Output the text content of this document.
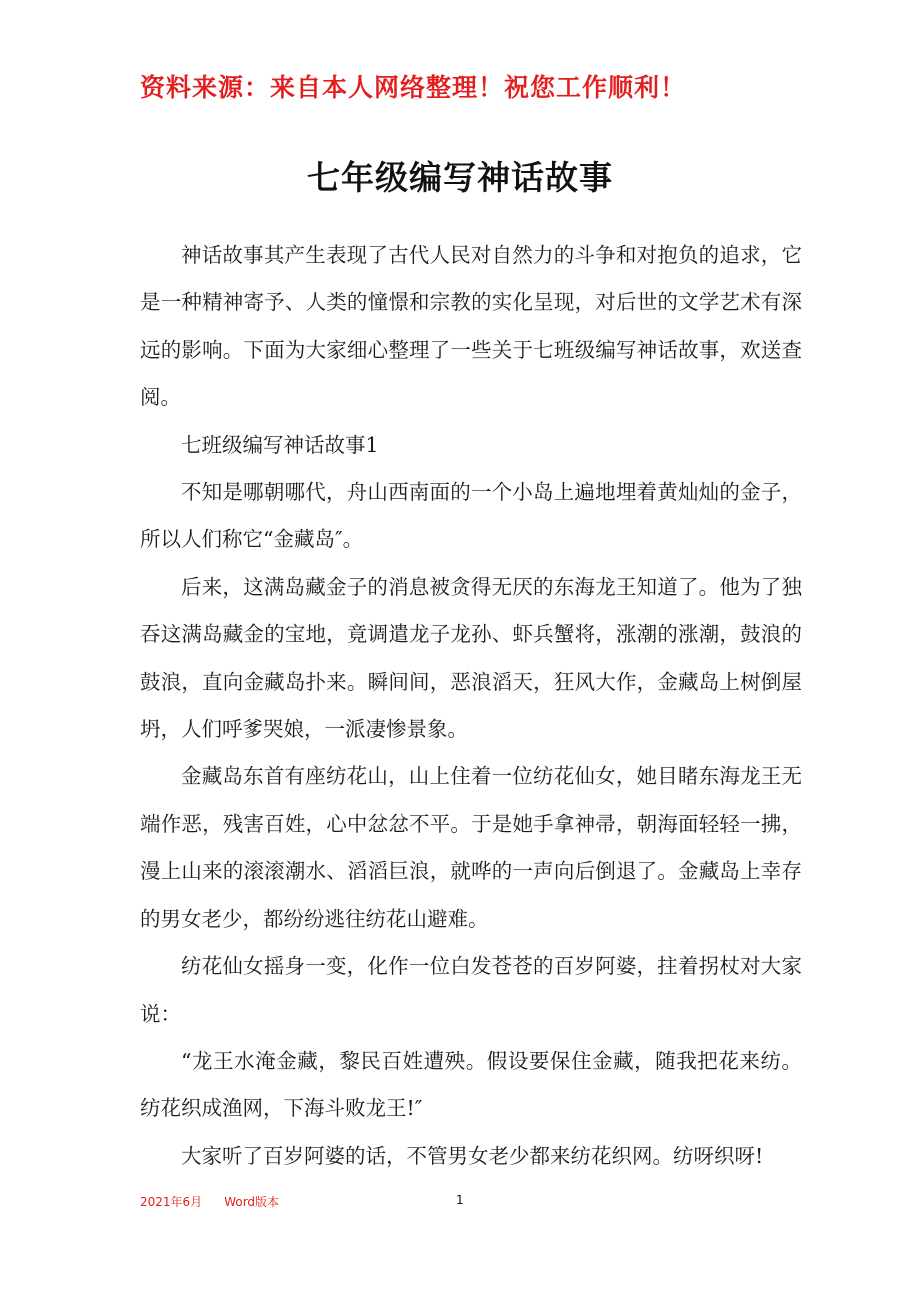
资料来源：来自本人网络整理！祝您工作顺利！
七年级编写神话故事

神话故事其产生表现了古代人民对自然力的斗争和对抱负的追求，它是一种精神寄予、人类的憧憬和宗教的实化呈现，对后世的文学艺术有深远的影响。下面为大家细心整理了一些关于七班级编写神话故事，欢送查阅。

七班级编写神话故事1

不知是哪朝哪代，舟山西南面的一个小岛上遍地埋着黄灿灿的金子，所以人们称它“金藏岛″。

后来，这满岛藏金子的消息被贪得无厌的东海龙王知道了。他为了独吞这满岛藏金的宝地，竟调遣龙子龙孙、虾兵蟹将，涨潮的涨潮，鼓浪的鼓浪，直向金藏岛扑来。瞬间间，恶浪滔天，狂风大作，金藏岛上树倒屋坍，人们呼爹哭娘，一派凄惨景象。

金藏岛东首有座纺花山，山上住着一位纺花仙女，她目睹东海龙王无端作恶，残害百姓，心中忿忿不平。于是她手拿神帚，朝海面轻轻一拂，漫上山来的滚滚潮水、滔滔巨浪，就哗的一声向后倒退了。金藏岛上幸存的男女老少，都纷纷逃往纺花山避难。

纺花仙女摇身一变，化作一位白发苍苍的百岁阿婆，拄着拐杖对大家说：

“龙王水淹金藏，黎民百姓遭殃。假设要保住金藏，随我把花来纺。纺花织成渔网，下海斗败龙王!″

大家听了百岁阿婆的话，不管男女老少都来纺花织网。纺呀织呀!

2021年6月 Word版本	1
